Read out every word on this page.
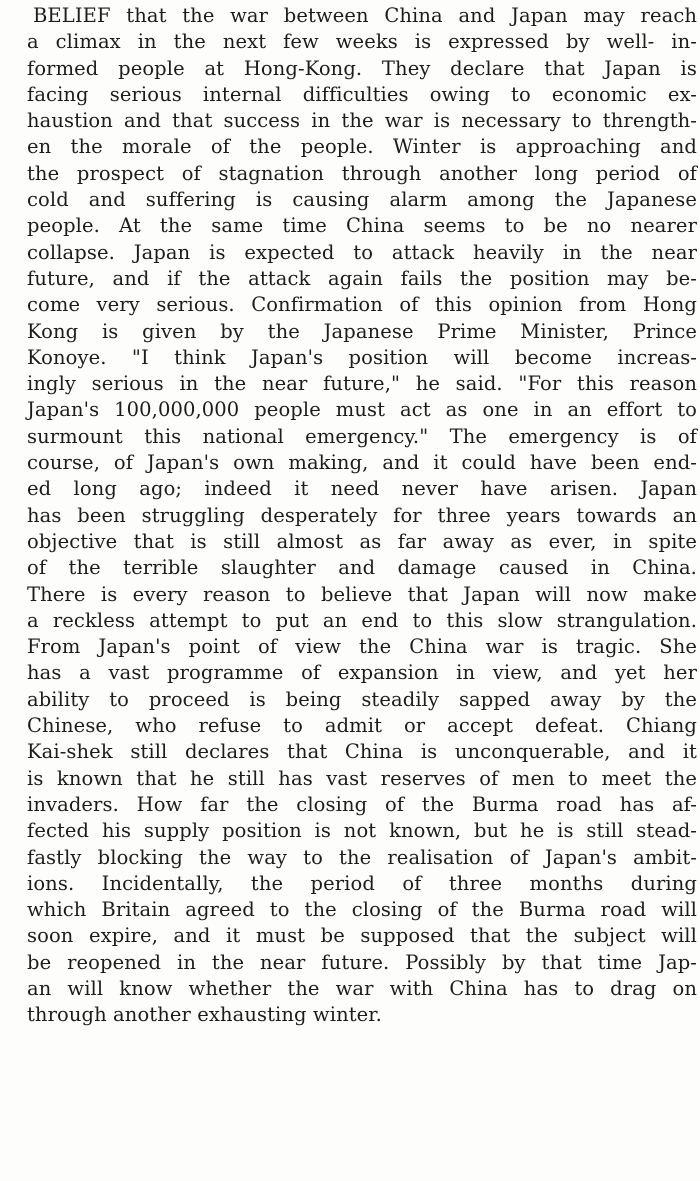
BELIEF that the war between China and Japan may reach
a climax in the next few weeks is expressed by well- in-
formed people at Hong-Kong. They declare that Japan is
facing serious internal difficulties owing to economic ex-
haustion and that success in the war is necessary to thrength-
en the morale of the people. Winter is approaching and
the prospect of stagnation through another long period of
cold and suffering is causing alarm among the Japanese
people. At the same time China seems to be no nearer
collapse. Japan is expected to attack heavily in the near
future, and if the attack again fails the position may be-
come very serious. Confirmation of this opinion from Hong
Kong is given by the Japanese Prime Minister, Prince
Konoye. "I think Japan's position will become increas-
ingly serious in the near future," he said. "For this reason
Japan's 100,000,000 people must act as one in an effort to
surmount this national emergency." The emergency is of
course, of Japan's own making, and it could have been end-
ed long ago; indeed it need never have arisen. Japan
has been struggling desperately for three years towards an
objective that is still almost as far away as ever, in spite
of the terrible slaughter and damage caused in China.
There is every reason to believe that Japan will now make
a reckless attempt to put an end to this slow strangulation.
From Japan's point of view the China war is tragic. She
has a vast programme of expansion in view, and yet her
ability to proceed is being steadily sapped away by the
Chinese, who refuse to admit or accept defeat. Chiang
Kai-shek still declares that China is unconquerable, and it
is known that he still has vast reserves of men to meet the
invaders. How far the closing of the Burma road has af-
fected his supply position is not known, but he is still stead-
fastly blocking the way to the realisation of Japan's ambit-
ions. Incidentally, the period of three months during
which Britain agreed to the closing of the Burma road will
soon expire, and it must be supposed that the subject will
be reopened in the near future. Possibly by that time Jap-
an will know whether the war with China has to drag on
through another exhausting winter.
